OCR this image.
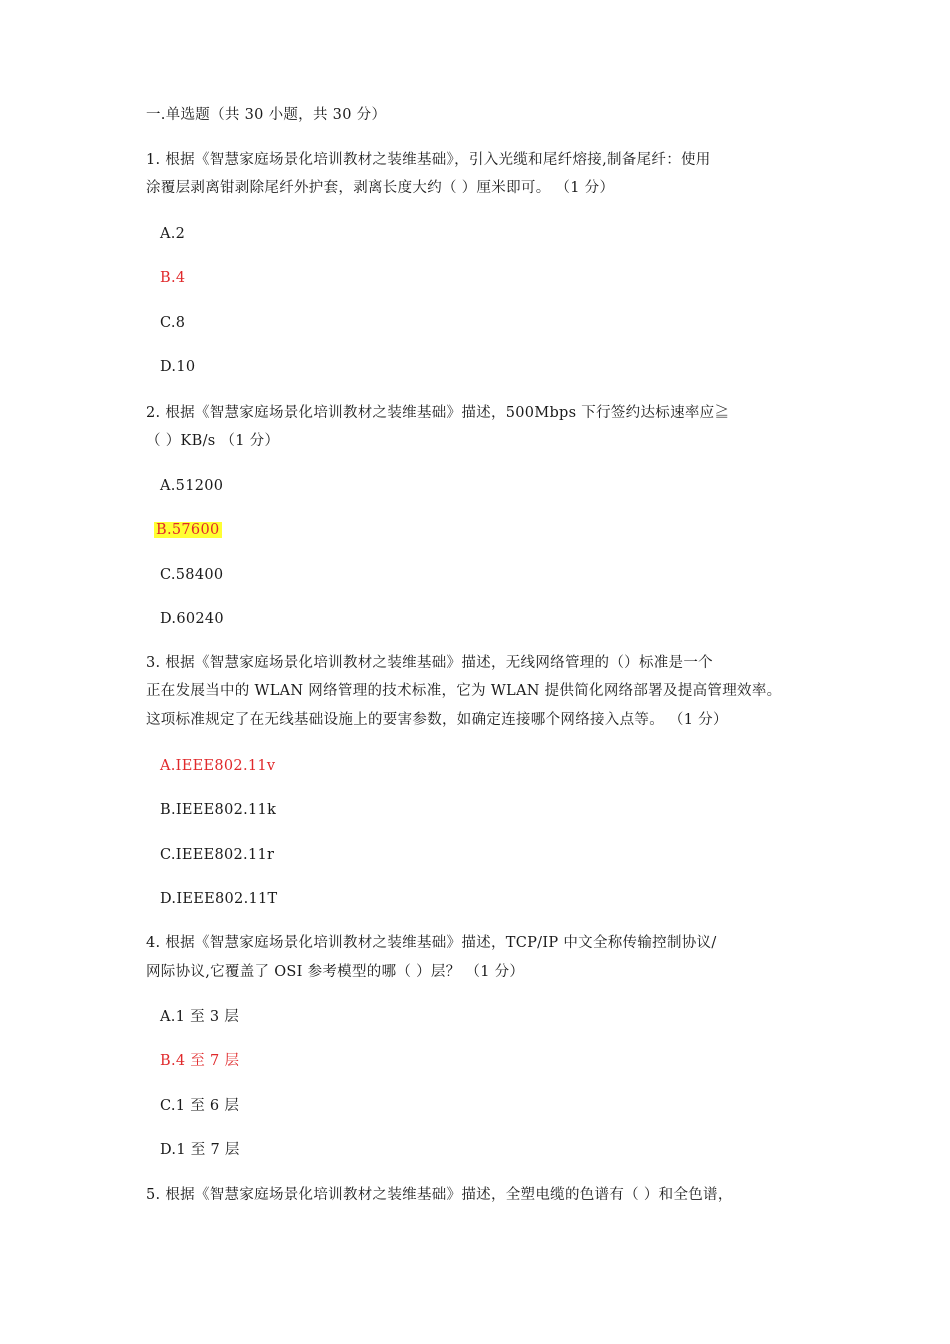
一.单选题（共 30 小题，共 30 分）
1. 根据《智慧家庭场景化培训教材之装维基础》，引入光缆和尾纤熔接,制备尾纤：使用
涂覆层剥离钳剥除尾纤外护套，剥离长度大约（ ）厘米即可。 （1 分）
A.2
B.4
C.8
D.10
2. 根据《智慧家庭场景化培训教材之装维基础》描述，500Mbps 下行签约达标速率应≧
（ ）KB/s （1 分）
A.51200
B.57600
C.58400
D.60240
3. 根据《智慧家庭场景化培训教材之装维基础》描述，无线网络管理的（）标准是一个
正在发展当中的 WLAN 网络管理的技术标准，它为 WLAN 提供简化网络部署及提高管理效率。
这项标准规定了在无线基础设施上的要害参数，如确定连接哪个网络接入点等。 （1 分）
A.IEEE802.11v
B.IEEE802.11k
C.IEEE802.11r
D.IEEE802.11T
4. 根据《智慧家庭场景化培训教材之装维基础》描述，TCP/IP 中文全称传输控制协议/
网际协议,它覆盖了 OSI 参考模型的哪（ ）层？ （1 分）
A.1 至 3 层
B.4 至 7 层
C.1 至 6 层
D.1 至 7 层
5. 根据《智慧家庭场景化培训教材之装维基础》描述，全塑电缆的色谱有（ ）和全色谱，
